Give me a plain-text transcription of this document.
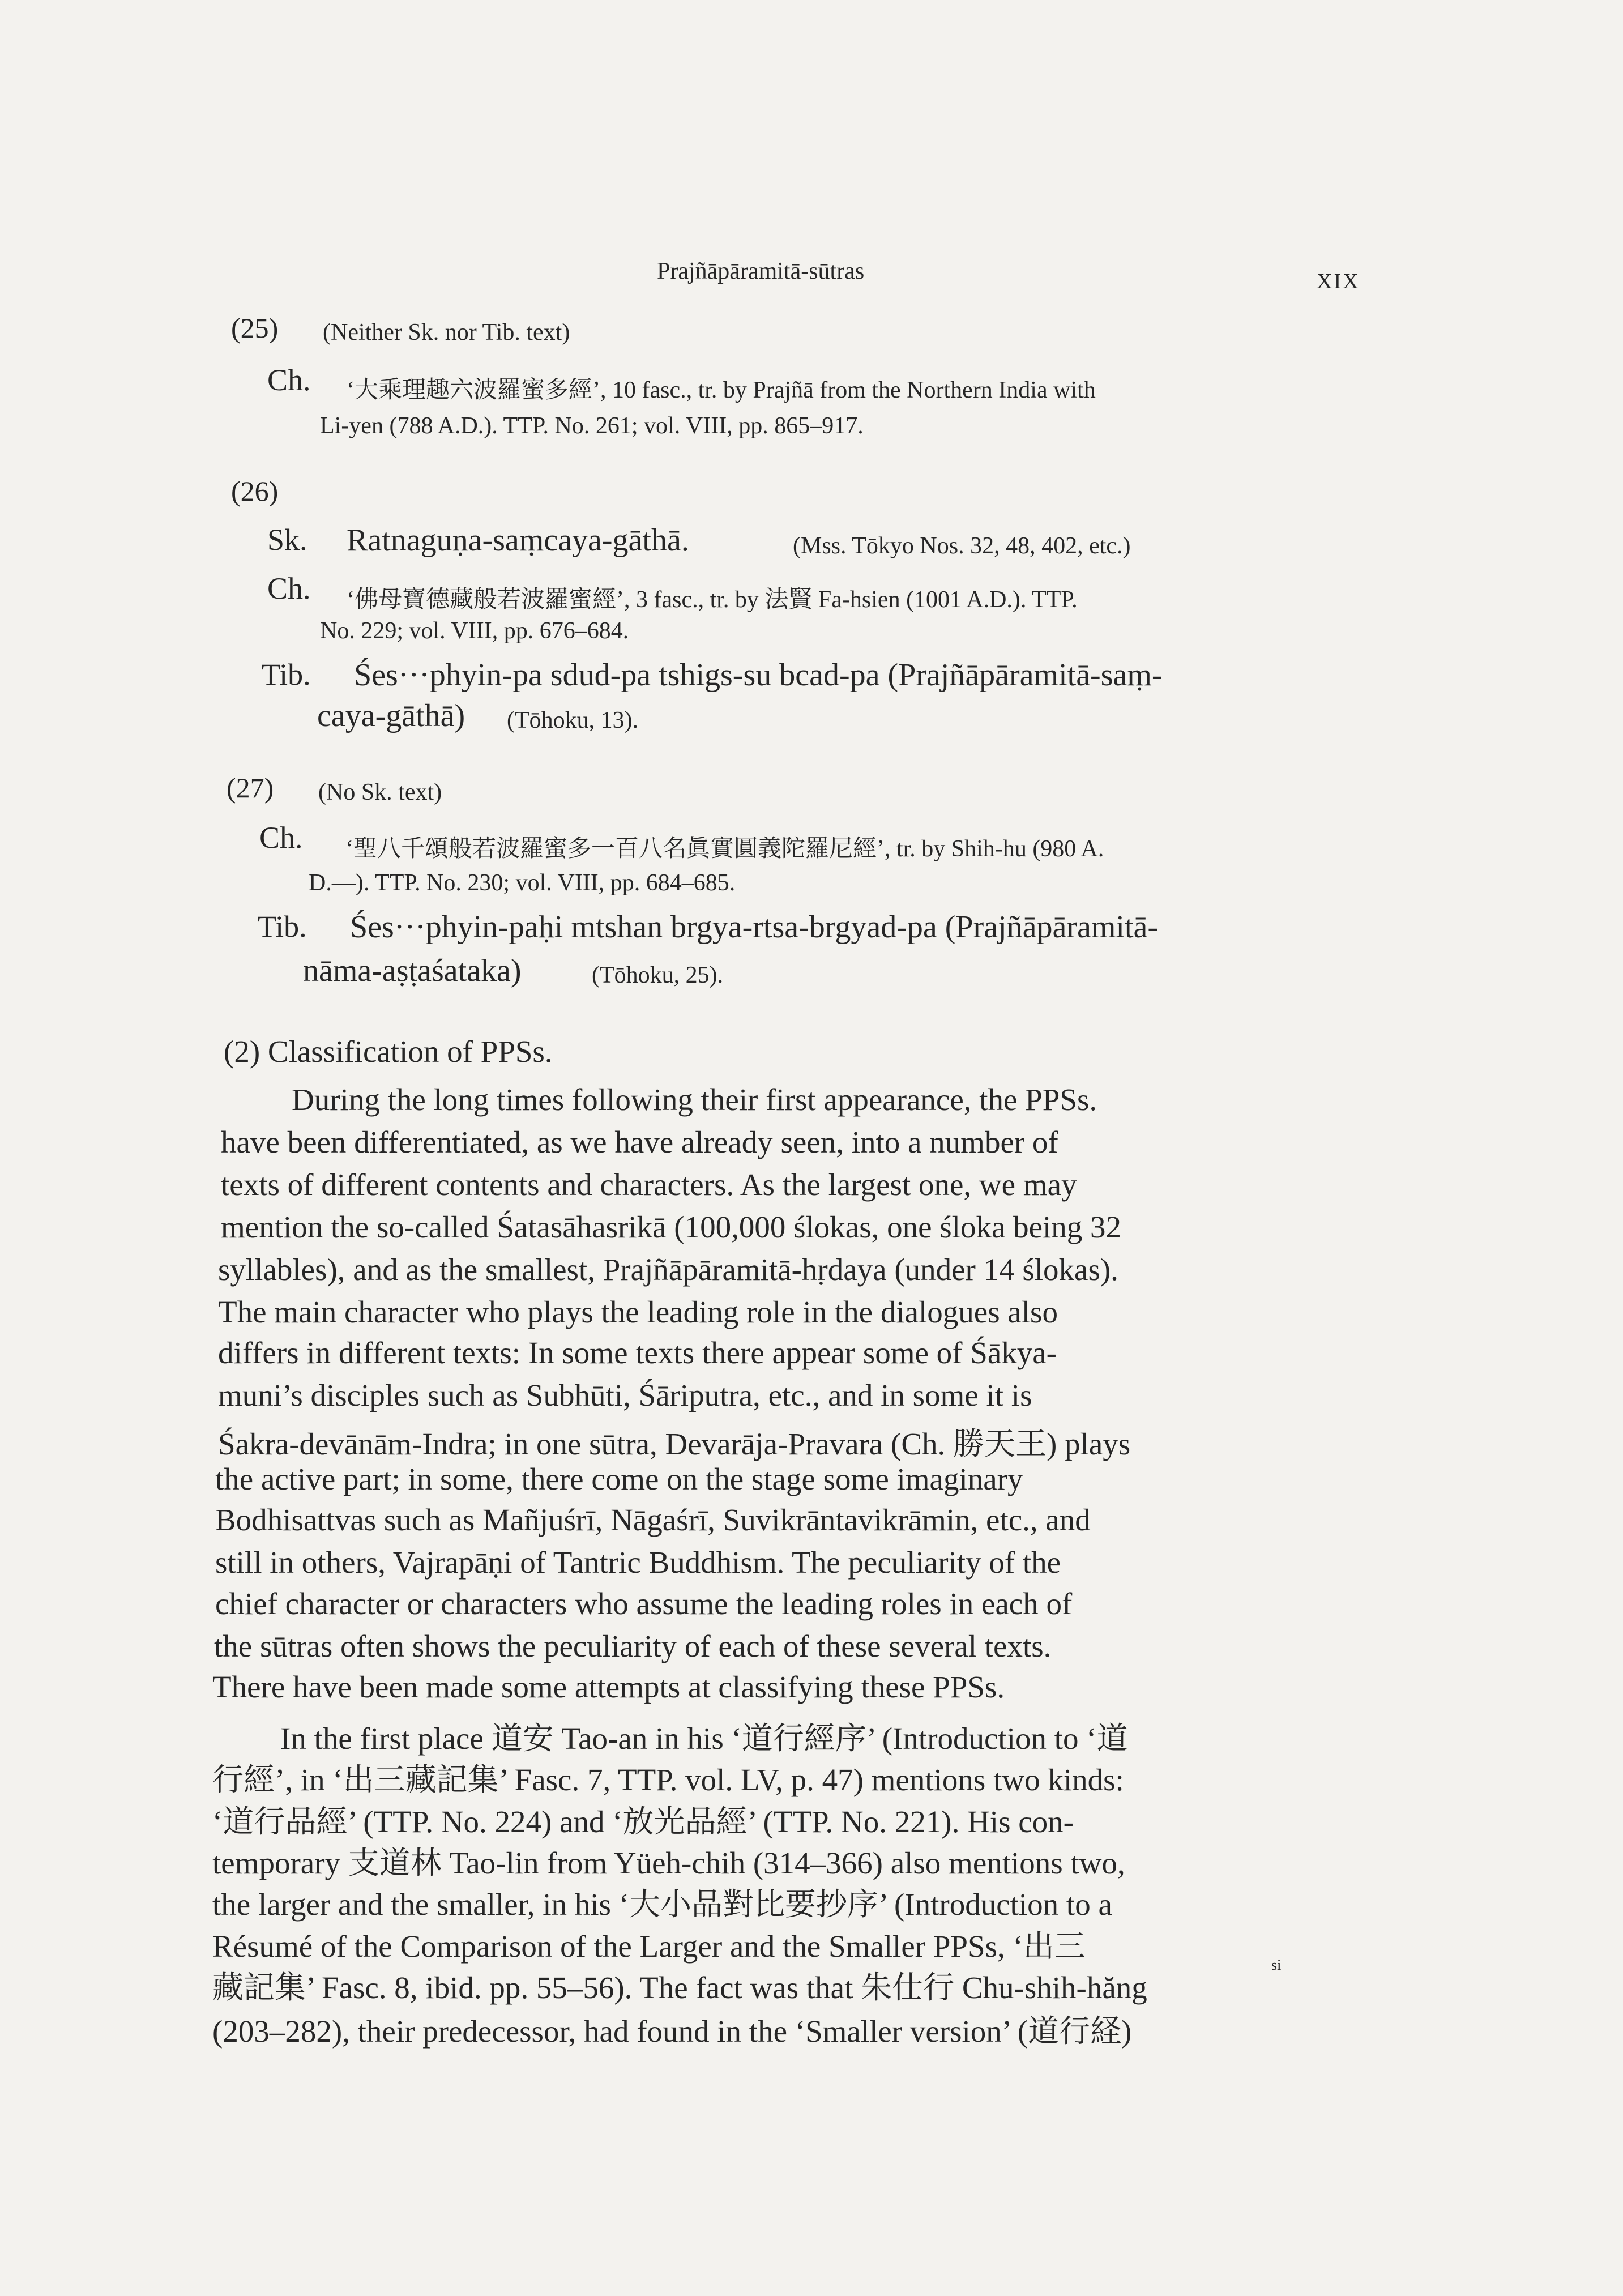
Prajñāpāramitā-sūtras	XIX
(25) (Neither Sk. nor Tib. text)
Ch. ‘大乘理趣六波羅蜜多經’, 10 fasc., tr. by Prajñā from the Northern India with
Li-yen (788 A.D.). TTP. No. 261; vol. VIII, pp. 865–917.
(26)
Sk. Ratnaguṇa-saṃcaya-gāthā.	(Mss. Tōkyo Nos. 32, 48, 402, etc.)
Ch. ‘佛母寶德藏般若波羅蜜經’, 3 fasc., tr. by 法賢 Fa-hsien (1001 A.D.). TTP.
No. 229; vol. VIII, pp. 676–684.
Tib. Śes···phyin-pa sdud-pa tshigs-su bcad-pa (Prajñāpāramitā-saṃ-
caya-gāthā) (Tōhoku, 13).
(27) (No Sk. text)
Ch. ‘聖八千頌般若波羅蜜多一百八名眞實圓義陀羅尼經’, tr. by Shih-hu (980 A.
D.—). TTP. No. 230; vol. VIII, pp. 684–685.
Tib. Śes···phyin-paḥi mtshan brgya-rtsa-brgyad-pa (Prajñāpāramitā-
nāma-aṣṭaśataka)	(Tōhoku, 25).
(2) Classification of PPSs.
During the long times following their first appearance, the PPSs.
have been differentiated, as we have already seen, into a number of
texts of different contents and characters. As the largest one, we may
mention the so-called Śatasāhasrikā (100,000 ślokas, one śloka being 32
syllables), and as the smallest, Prajñāpāramitā-hṛdaya (under 14 ślokas).
The main character who plays the leading role in the dialogues also
differs in different texts: In some texts there appear some of Śākya-
muni’s disciples such as Subhūti, Śāriputra, etc., and in some it is
Śakra-devānām-Indra; in one sūtra, Devarāja-Pravara (Ch. 勝天王) plays
the active part; in some, there come on the stage some imaginary
Bodhisattvas such as Mañjuśrī, Nāgaśrī, Suvikrāntavikrāmin, etc., and
still in others, Vajrapāṇi of Tantric Buddhism. The peculiarity of the
chief character or characters who assume the leading roles in each of
the sūtras often shows the peculiarity of each of these several texts.
There have been made some attempts at classifying these PPSs.
In the first place 道安 Tao-an in his ‘道行經序’ (Introduction to ‘道
行經’, in ‘出三藏記集’ Fasc. 7, TTP. vol. LV, p. 47) mentions two kinds:
‘道行品經’ (TTP. No. 224) and ‘放光品經’ (TTP. No. 221). His con-
temporary 支道林 Tao-lin from Yüeh-chih (314–366) also mentions two,
the larger and the smaller, in his ‘大小品對比要抄序’ (Introduction to a
Résumé of the Comparison of the Larger and the Smaller PPSs, ‘出三
藏記集’ Fasc. 8, ibid. pp. 55–56). The fact was that 朱仕行 Chu-shih-hăng
(203–282), their predecessor, had found in the ‘Smaller version’ (道行経)
si
